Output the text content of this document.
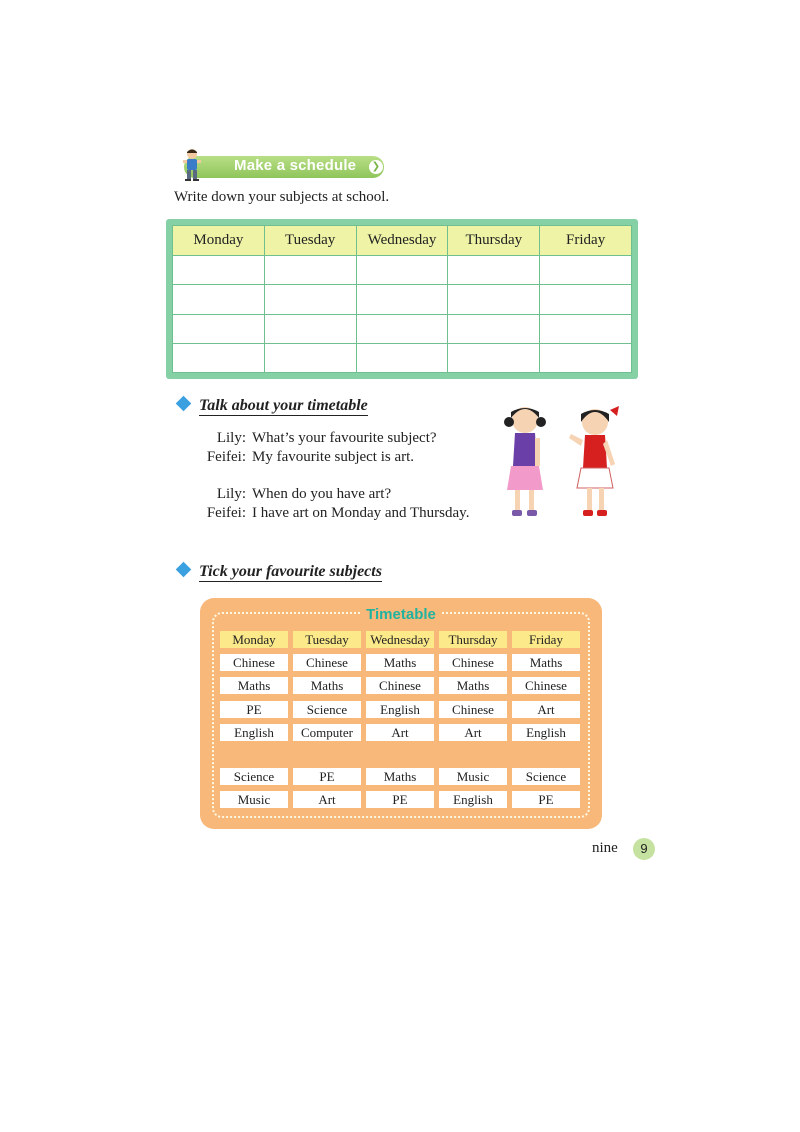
Make a schedule ❯
Write down your subjects at school.
Monday	Tuesday	Wednesday	Thursday	Friday

Talk about your timetable
Lily: What’s your favourite subject?
Feifei: My favourite subject is art.
Lily: When do you have art?
Feifei: I have art on Monday and Thursday.
Tick your favourite subjects
Timetable
Monday	Tuesday	Wednesday	Thursday	Friday
Chinese	Chinese	Maths	Chinese	Maths
Maths	Maths	Chinese	Maths	Chinese
PE	Science	English	Chinese	Art
English	Computer	Art	Art	English
Science	PE	Maths	Music	Science
Music	Art	PE	English	PE
nine	9
